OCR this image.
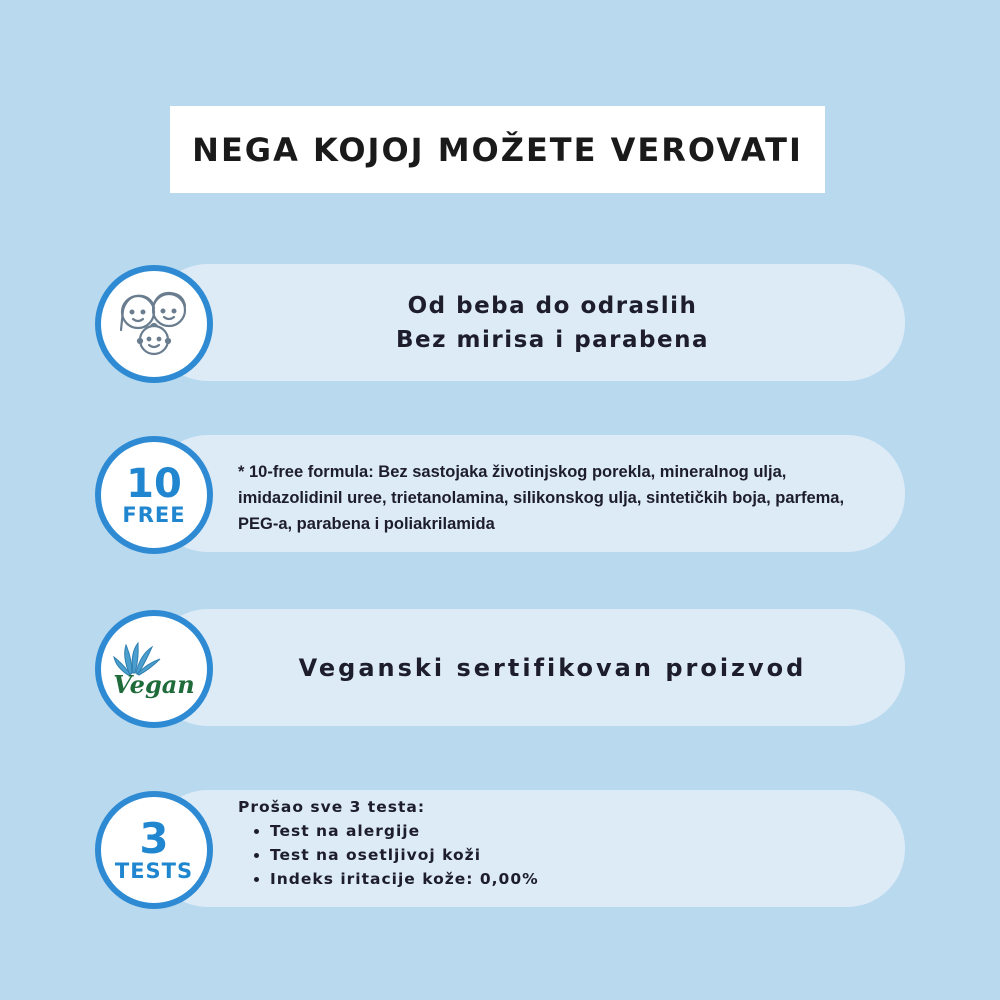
NEGA KOJOJ MOŽETE VEROVATI
Od beba do odraslih
Bez mirisa i parabena
10
FREE
* 10-free formula: Bez sastojaka životinjskog porekla, mineralnog ulja, imidazolidinil uree, trietanolamina, silikonskog ulja, sintetičkih boja, parfema, PEG-a, parabena i poliakrilamida
Vegan
Veganski sertifikovan proizvod
3
TESTS
Prošao sve 3 testa:
• Test na alergije
• Test na osetljivoj koži
• Indeks iritacije kože: 0,00%
